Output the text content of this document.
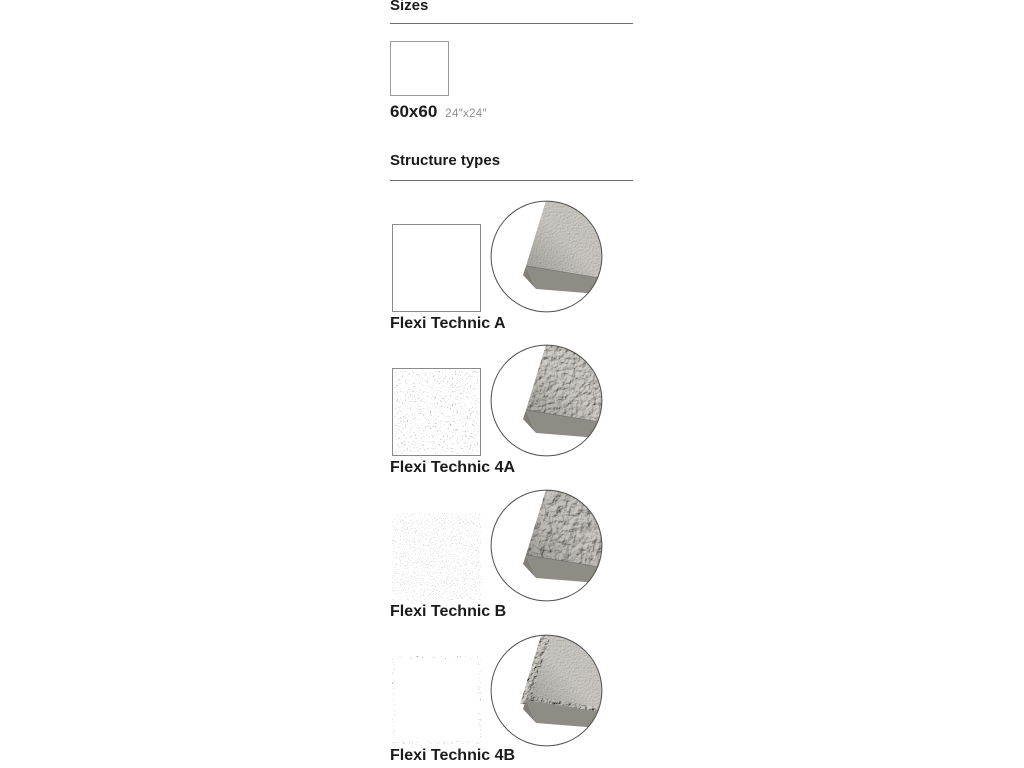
Sizes
60x60 24″x24″
Structure types
Flexi Technic A
Flexi Technic 4A
Flexi Technic B
Flexi Technic 4B
